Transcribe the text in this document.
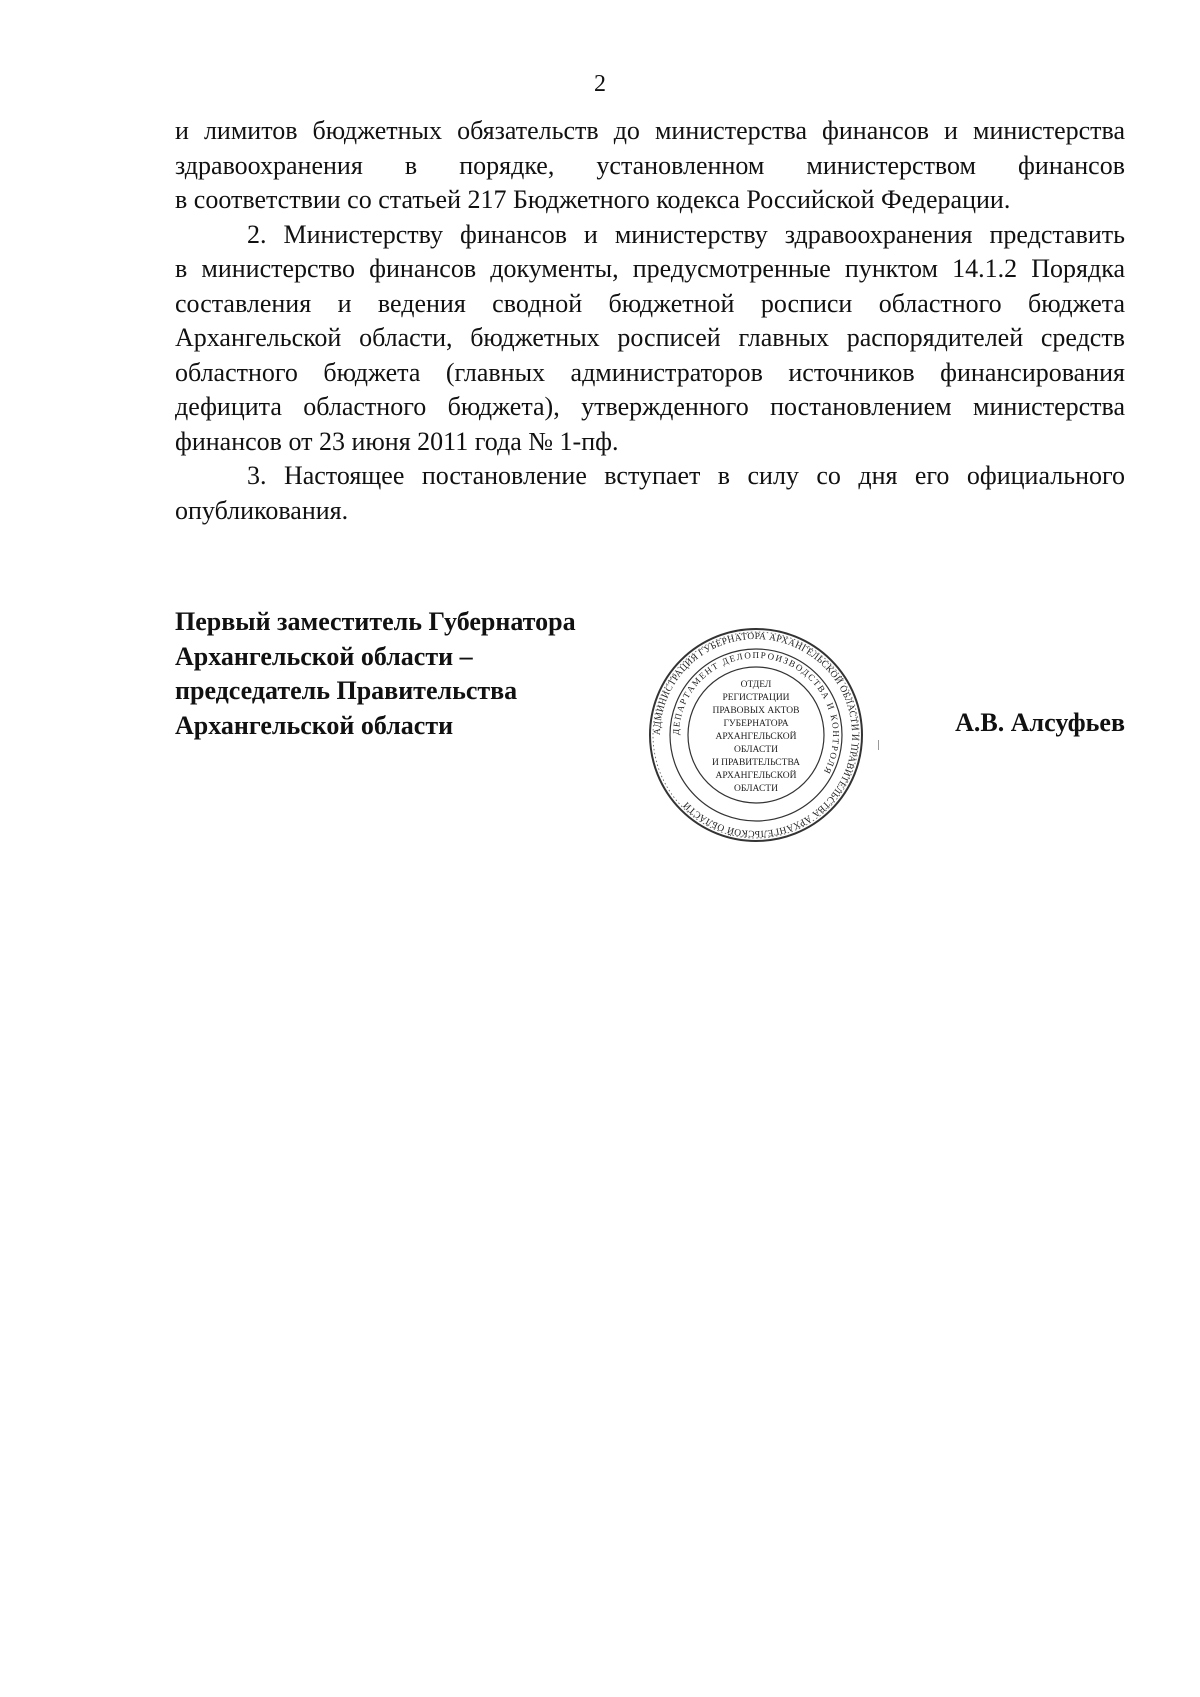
2

и лимитов бюджетных обязательств до министерства финансов и министерства
здравоохранения в порядке, установленном министерством финансов
в соответствии со статьей 217 Бюджетного кодекса Российской Федерации.

2. Министерству финансов и министерству здравоохранения представить
в министерство финансов документы, предусмотренные пунктом 14.1.2 Порядка
составления и ведения сводной бюджетной росписи областного бюджета
Архангельской области, бюджетных росписей главных распорядителей средств
областного бюджета (главных администраторов источников финансирования
дефицита областного бюджета), утвержденного постановлением министерства
финансов от 23 июня 2011 года № 1-пф.

3. Настоящее постановление вступает в силу со дня его официального
опубликования.

Первый заместитель Губернатора
Архангельской области –
председатель Правительства
Архангельской области	А.В. Алсуфьев
АДМИНИСТРАЦИЯ ГУБЕРНАТОРА АРХАНГЕЛЬСКОЙ ОБЛАСТИ И ПРАВИТЕЛЬСТВА АРХАНГЕЛЬСКОЙ ОБЛАСТИ
ДЕПАРТАМЕНТ ДЕЛОПРОИЗВОДСТВА И КОНТРОЛЯ
ОТДЕЛ
РЕГИСТРАЦИИ
ПРАВОВЫХ АКТОВ
ГУБЕРНАТОРА
АРХАНГЕЛЬСКОЙ
ОБЛАСТИ
И ПРАВИТЕЛЬСТВА
АРХАНГЕЛЬСКОЙ
ОБЛАСТИ
